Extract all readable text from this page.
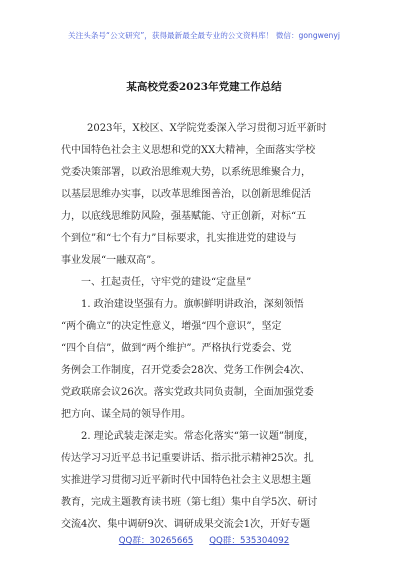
关注头条号“公文研究”，获得最新最全最专业的公文资料库！ 微信：gongwenyj
某高校党委2023年党建工作总结
2023年，X校区、X学院党委深入学习贯彻习近平新时
代中国特色社会主义思想和党的XX大精神，全面落实学校
党委决策部署，以政治思维观大势，以系统思维聚合力，
以基层思维办实事，以改革思维图善治，以创新思维促活
力，以底线思维防风险，强基赋能、守正创新，对标“五
个到位”和“七个有力”目标要求，扎实推进党的建设与
事业发展“一融双高”。
一、扛起责任，守牢党的建设“定盘星”
1. 政治建设坚强有力。旗帜鲜明讲政治，深刻领悟
“两个确立”的决定性意义，增强“四个意识”，坚定
“四个自信”，做到“两个维护”。严格执行党委会、党
务例会工作制度，召开党委会28次、党务工作例会4次、
党政联席会议26次。落实党政共同负责制，全面加强党委
把方向、谋全局的领导作用。
2. 理论武装走深走实。常态化落实“第一议题”制度，
传达学习习近平总书记重要讲话、指示批示精神25次。扎
实推进学习贯彻习近平新时代中国特色社会主义思想主题
教育，完成主题教育读书班（第七组）集中自学5次、研讨
交流4次、集中调研9次、调研成果交流会1次，开好专题
QQ群：30265665 QQ群：535304092
